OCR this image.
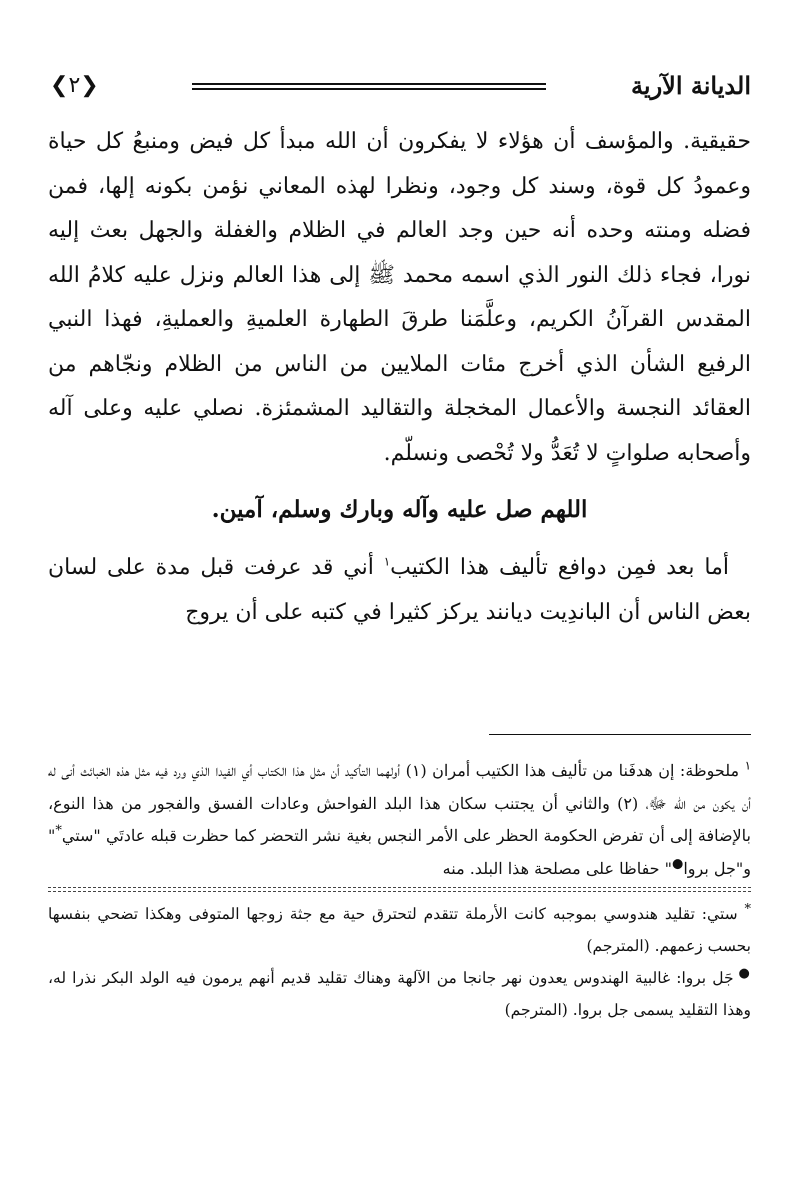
الديانة الآرية
❮٢❯

حقيقية. والمؤسف أن هؤلاء لا يفكرون أن الله مبدأ كل فيض ومنبعُ كل حياة وعمودُ كل قوة، وسند كل وجود، ونظرا لهذه المعاني نؤمن بكونه إلها، فمن فضله ومنته وحده أنه حين وجد العالم في الظلام والغفلة والجهل بعث إليه نورا، فجاء ذلك النور الذي اسمه محمد ﷺ إلى هذا العالم ونزل عليه كلامُ الله المقدس القرآنُ الكريم، وعلَّمَنا طرقَ الطهارة العلميةِ والعمليةِ، فهذا النبي الرفيع الشأن الذي أخرج مئات الملايين من الناس من الظلام ونجّاهم من العقائد النجسة والأعمال المخجلة والتقاليد المشمئزة. نصلي عليه وعلى آله وأصحابه صلواتٍ لا تُعَدُّ ولا تُحْصى ونسلّم.

اللهم صل عليه وآله وبارك وسلم، آمين.

 أما بعد فمِن دوافع تأليف هذا الكتيب$^١$ أني قد عرفت قبل مدة على لسان بعض الناس أن الباندِيت ديانند يركز كثيرا في كتبه على أن يروج

$^١$ ملحوظة: إن هدفَنا من تأليف هذا الكتيب أمران (١) أولهما التأكيد أن مثل هذا الكتاب أي الفيدا الذي ورد فيه مثل هذه الخبائث أنى له أن يكون من الله ﷻ، (٢) والثاني أن يجتنب سكان هذا البلد الفواحش وعادات الفسق والفجور من هذا النوع، بالإضافة إلى أن تفرض الحكومة الحظر على الأمر النجس بغية نشر التحضر كما حظرت قبله عادتَي "ستي*" و"جل بروا●" حفاظا على مصلحة هذا البلد. منه

* ستي: تقليد هندوسي بموجبه كانت الأرملة تتقدم لتحترق حية مع جثة زوجها المتوفى وهكذا تضحي بنفسها بحسب زعمهم. (المترجم)

● جَل بروا: غالبية الهندوس يعدون نهر جانجا من الآلهة وهناك تقليد قديم أنهم يرمون فيه الولد البكر نذرا له، وهذا التقليد يسمى جل بروا. (المترجم)
